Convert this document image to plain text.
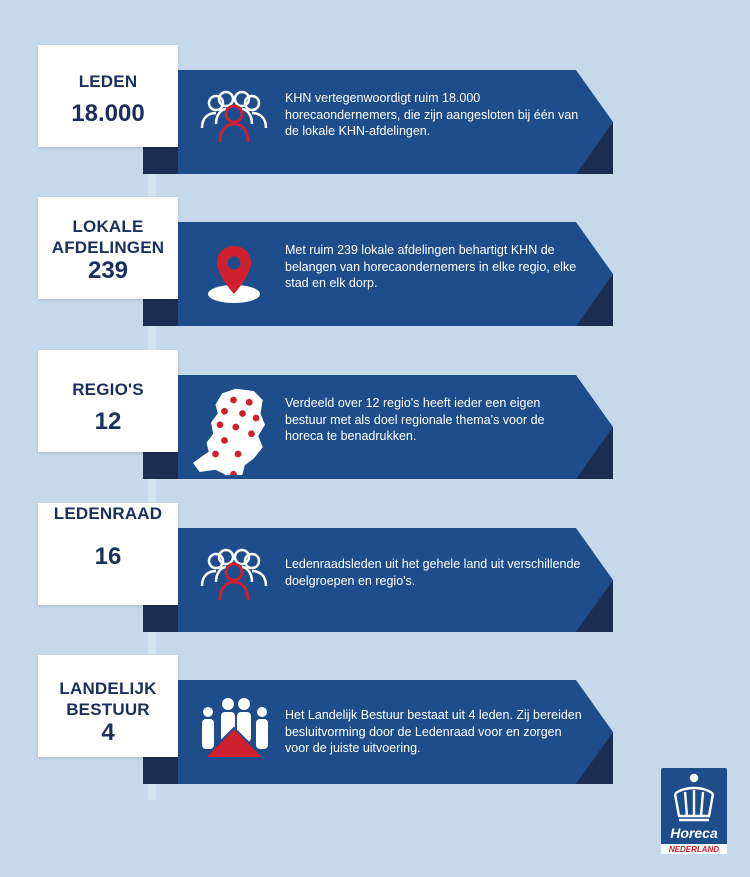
KHN vertegenwoordigt ruim 18.000 horecaondernemers, die zijn aangesloten bij één van de lokale KHN-afdelingen.
LEDEN
18.000
Met ruim 239 lokale afdelingen behartigt KHN de belangen van horecaondernemers in elke regio, elke stad en elk dorp.
LOKALE AFDELINGEN
239
Verdeeld over 12 regio's heeft ieder een eigen bestuur met als doel regionale thema's voor de horeca te benadrukken.
REGIO'S
12
Ledenraadsleden uit het gehele land uit verschillende doelgroepen en regio's.
LEDENRAAD
16
Het Landelijk Bestuur bestaat uit 4 leden. Zij bereiden besluitvorming door de Ledenraad voor en zorgen voor de juiste uitvoering.
LANDELIJK BESTUUR
4
Horeca
NEDERLAND
